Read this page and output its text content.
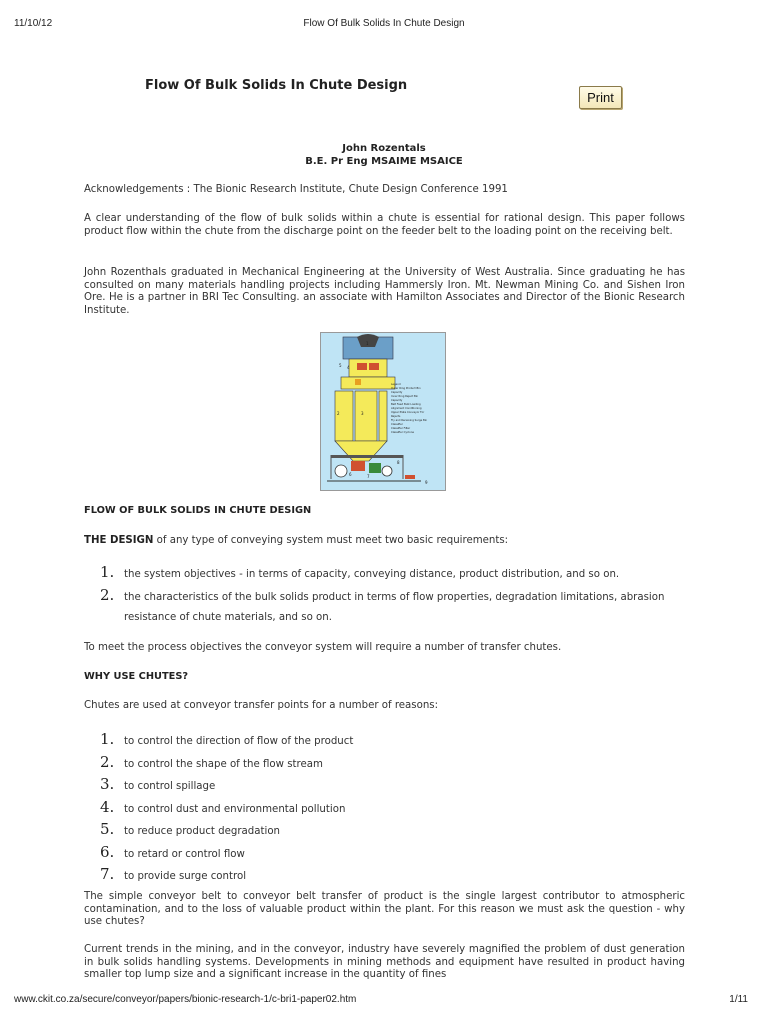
11/10/12	Flow Of Bulk Solids In Chute Design
Flow Of Bulk Solids In Chute Design
Print
John Rozentals
B.E. Pr Eng MSAIME MSAICE

Acknowledgements : The Bionic Research Institute, Chute Design Conference 1991

A clear understanding of the flow of bulk solids within a chute is essential for rational design. This paper follows product flow within the chute from the discharge point on the feeder belt to the loading point on the receiving belt.

John Rozenthals graduated in Mechanical Engineering at the University of West Australia. Since graduating he has consulted on many materials handling projects including Hammersly Iron. Mt. Newman Mining Co. and Sishen Iron Ore. He is a partner in BRI Tec Consulting. an associate with Hamilton Associates and Director of the Bionic Research Institute.

Legend
Outer Ring Product Bin
Capacity
Inner Ring Reject Bin
Capacity
Belt Feed Bulk Loading
Alignment Conditioning
Upper Plate Conveyor For
Rejects
Fly and Receiving Surge Bin
Classifier
Classifier Filter
Classifier Cyclone
1
2	3
4
5
6	7
8
9
FLOW OF BULK SOLIDS IN CHUTE DESIGN

THE DESIGN of any type of conveying system must meet two basic requirements:

1. the system objectives - in terms of capacity, conveying distance, product distribution, and so on.
2. the characteristics of the bulk solids product in terms of flow properties, degradation limitations, abrasion resistance of chute materials, and so on.

To meet the process objectives the conveyor system will require a number of transfer chutes.

WHY USE CHUTES?

Chutes are used at conveyor transfer points for a number of reasons:

1. to control the direction of flow of the product
2. to control the shape of the flow stream
3. to control spillage
4. to control dust and environmental pollution
5. to reduce product degradation
6. to retard or control flow
7. to provide surge control

The simple conveyor belt to conveyor belt transfer of product is the single largest contributor to atmospheric contamination, and to the loss of valuable product within the plant. For this reason we must ask the question - why use chutes?

Current trends in the mining, and in the conveyor, industry have severely magnified the problem of dust generation in bulk solids handling systems. Developments in mining methods and equipment have resulted in product having smaller top lump size and a significant increase in the quantity of fines

www.ckit.co.za/secure/conveyor/papers/bionic-research-1/c-bri1-paper02.htm	1/11
